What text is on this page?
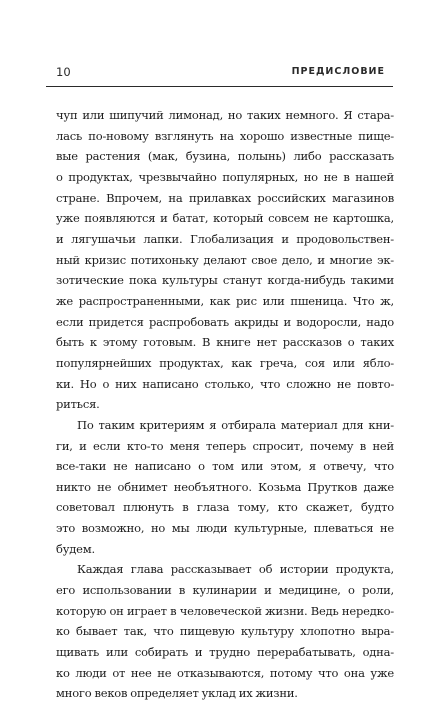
10	ПРЕДИСЛОВИЕ
чуп или шипучий лимонад, но таких немного. Я стара-
лась по-новому взглянуть на хорошо известные пище-
вые растения (мак, бузина, полынь) либо рассказать
о продуктах, чрезвычайно популярных, но не в нашей
стране. Впрочем, на прилавках российских магазинов
уже появляются и батат, который совсем не картошка,
и лягушачьи лапки. Глобализация и продовольствен-
ный кризис потихоньку делают свое дело, и многие эк-
зотические пока культуры станут когда-нибудь такими
же распространенными, как рис или пшеница. Что ж,
если придется распробовать акриды и водоросли, надо
быть к этому готовым. В книге нет рассказов о таких
популярнейших продуктах, как греча, соя или ябло-
ки. Но о них написано столько, что сложно не повто-
риться.
По таким критериям я отбирала материал для кни-
ги, и если кто-то меня теперь спросит, почему в ней
все-таки не написано о том или этом, я отвечу, что
никто не обнимет необъятного. Козьма Прутков даже
советовал плюнуть в глаза тому, кто скажет, будто
это возможно, но мы люди культурные, плеваться не
будем.
Каждая глава рассказывает об истории продукта,
его использовании в кулинарии и медицине, о роли,
которую он играет в человеческой жизни. Ведь нередко-
ко бывает так, что пищевую культуру хлопотно выра-
щивать или собирать и трудно перерабатывать, одна-
ко люди от нее не отказываются, потому что она уже
много веков определяет уклад их жизни.
